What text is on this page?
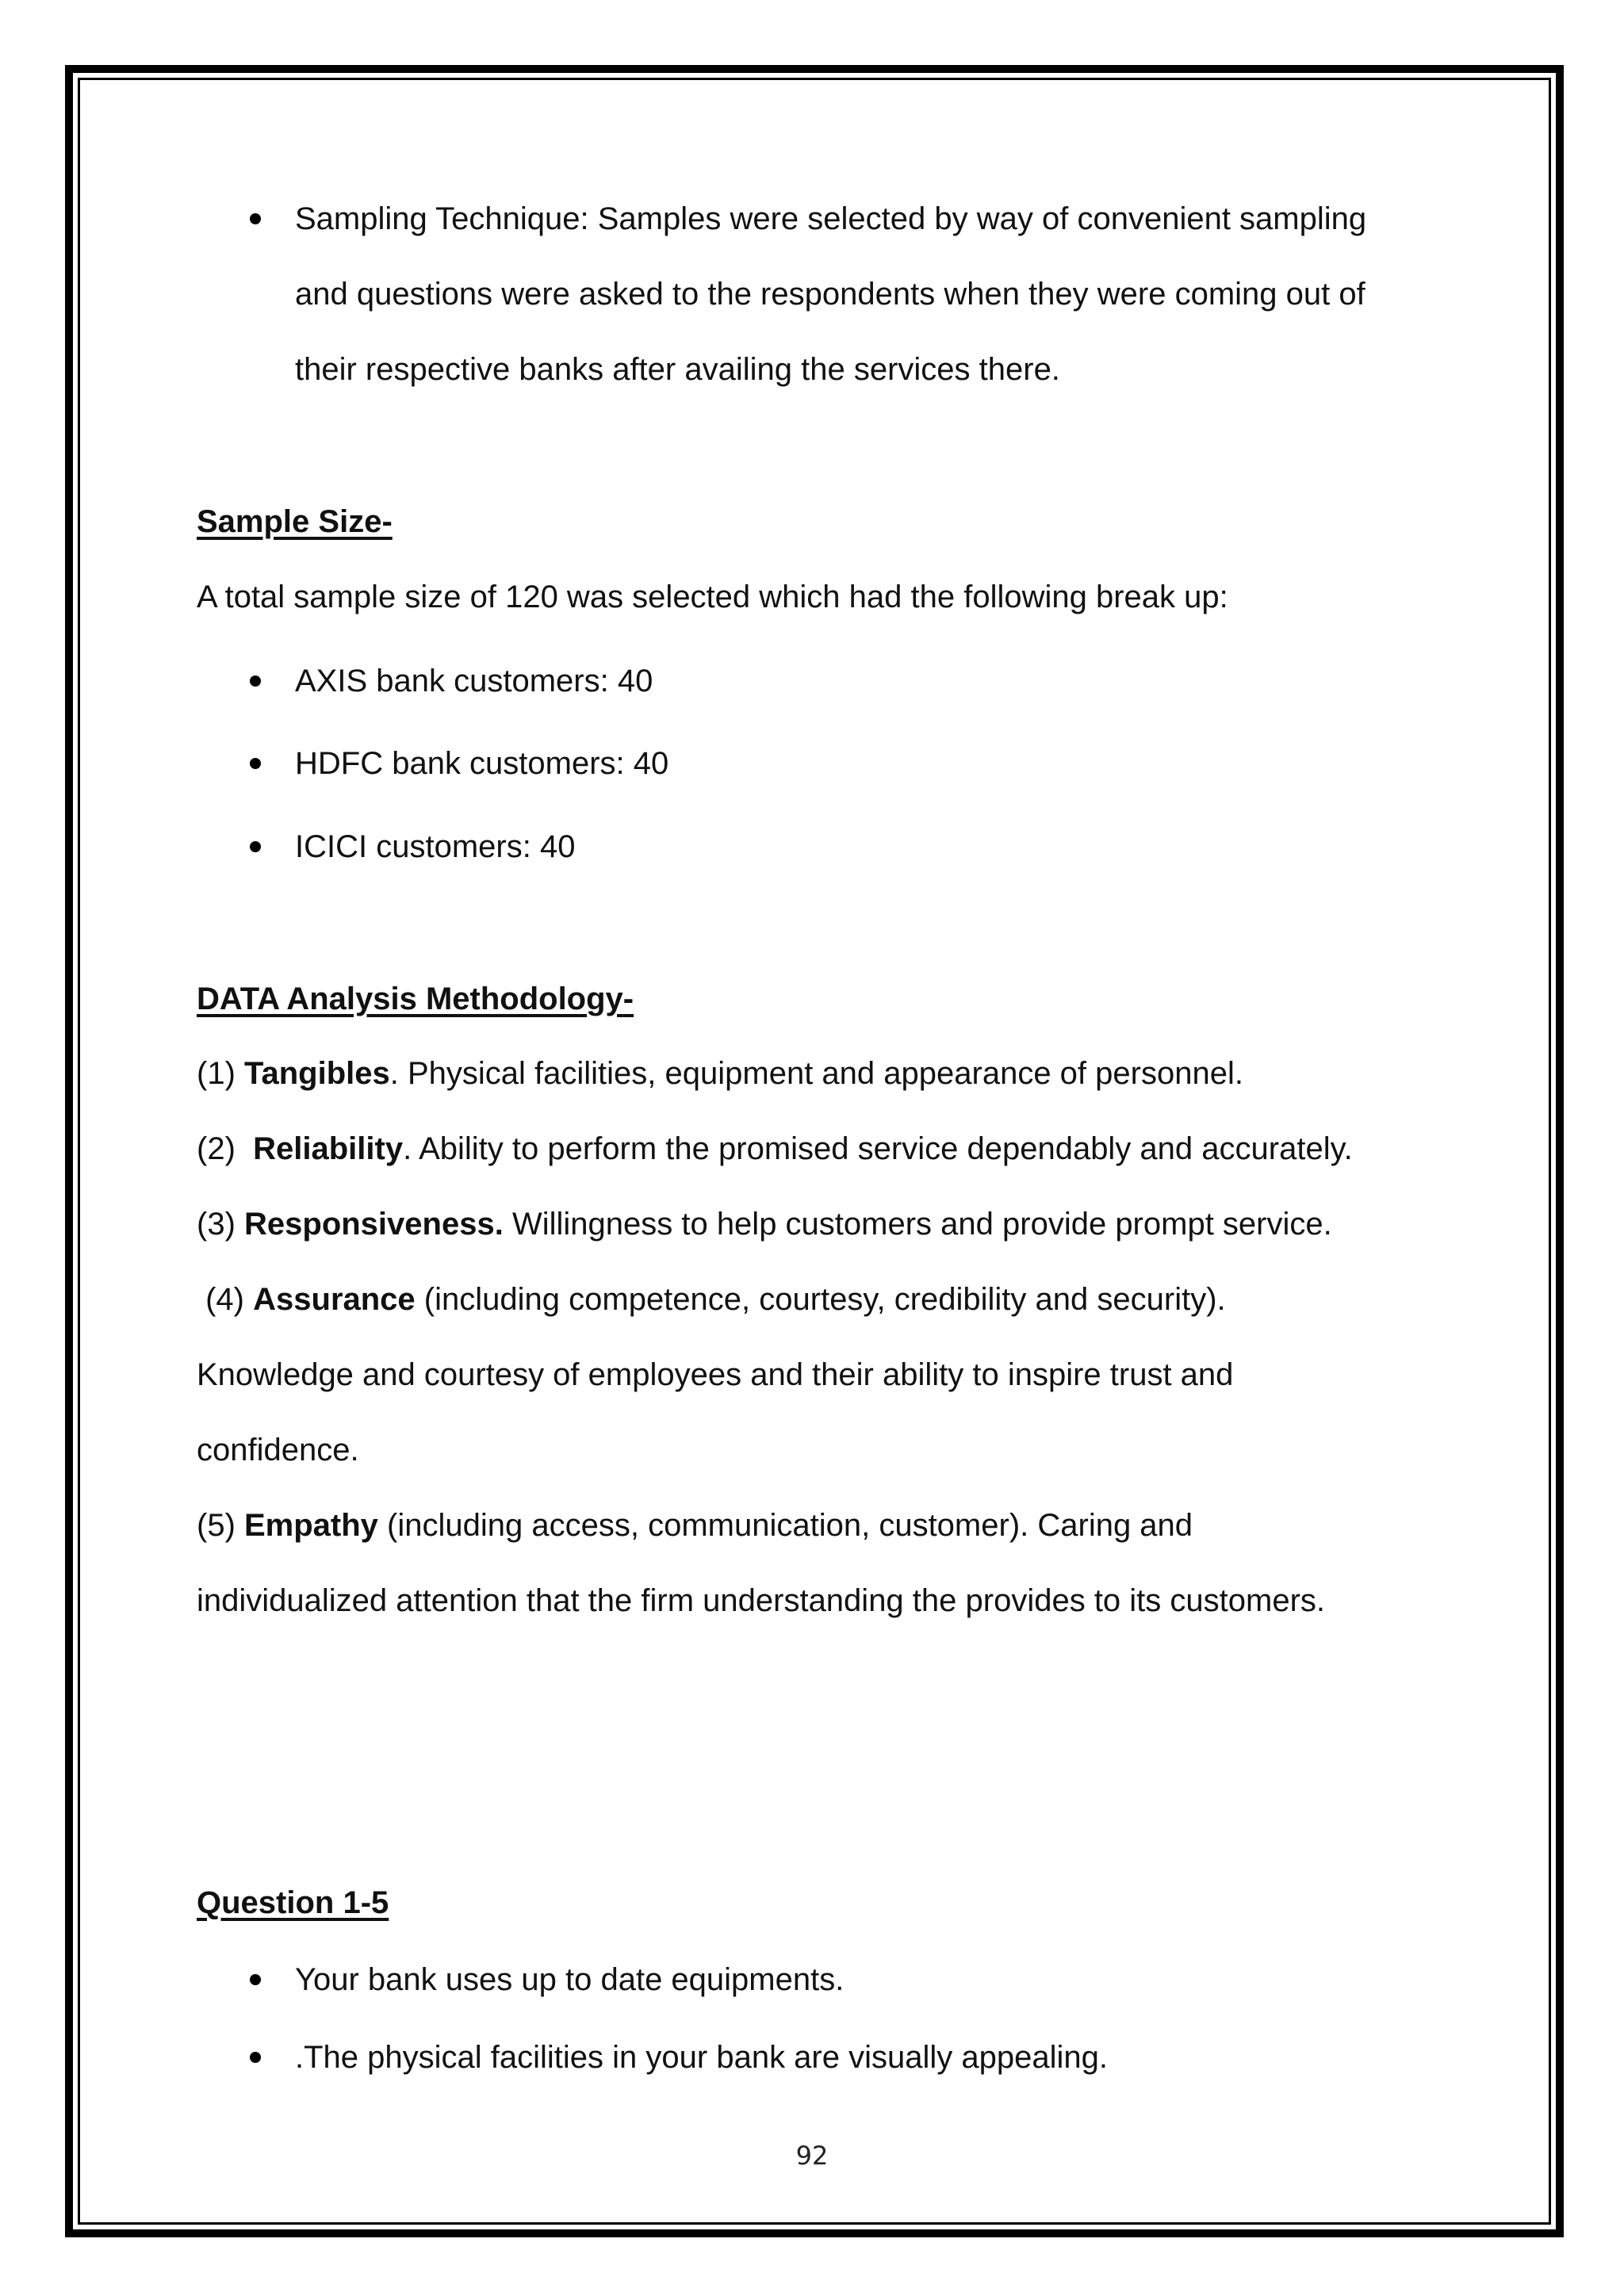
Sampling Technique: Samples were selected by way of convenient sampling
and questions were asked to the respondents when they were coming out of
their respective banks after availing the services there.
Sample Size-
A total sample size of 120 was selected which had the following break up:
AXIS bank customers: 40
HDFC bank customers: 40
ICICI customers: 40
DATA Analysis Methodology-
(1) Tangibles. Physical facilities, equipment and appearance of personnel.
(2)  Reliability. Ability to perform the promised service dependably and accurately.
(3) Responsiveness. Willingness to help customers and provide prompt service.
(4) Assurance (including competence, courtesy, credibility and security).
Knowledge and courtesy of employees and their ability to inspire trust and
confidence.
(5) Empathy (including access, communication, customer). Caring and
individualized attention that the firm understanding the provides to its customers.
Question 1-5
Your bank uses up to date equipments.
.The physical facilities in your bank are visually appealing.
92
